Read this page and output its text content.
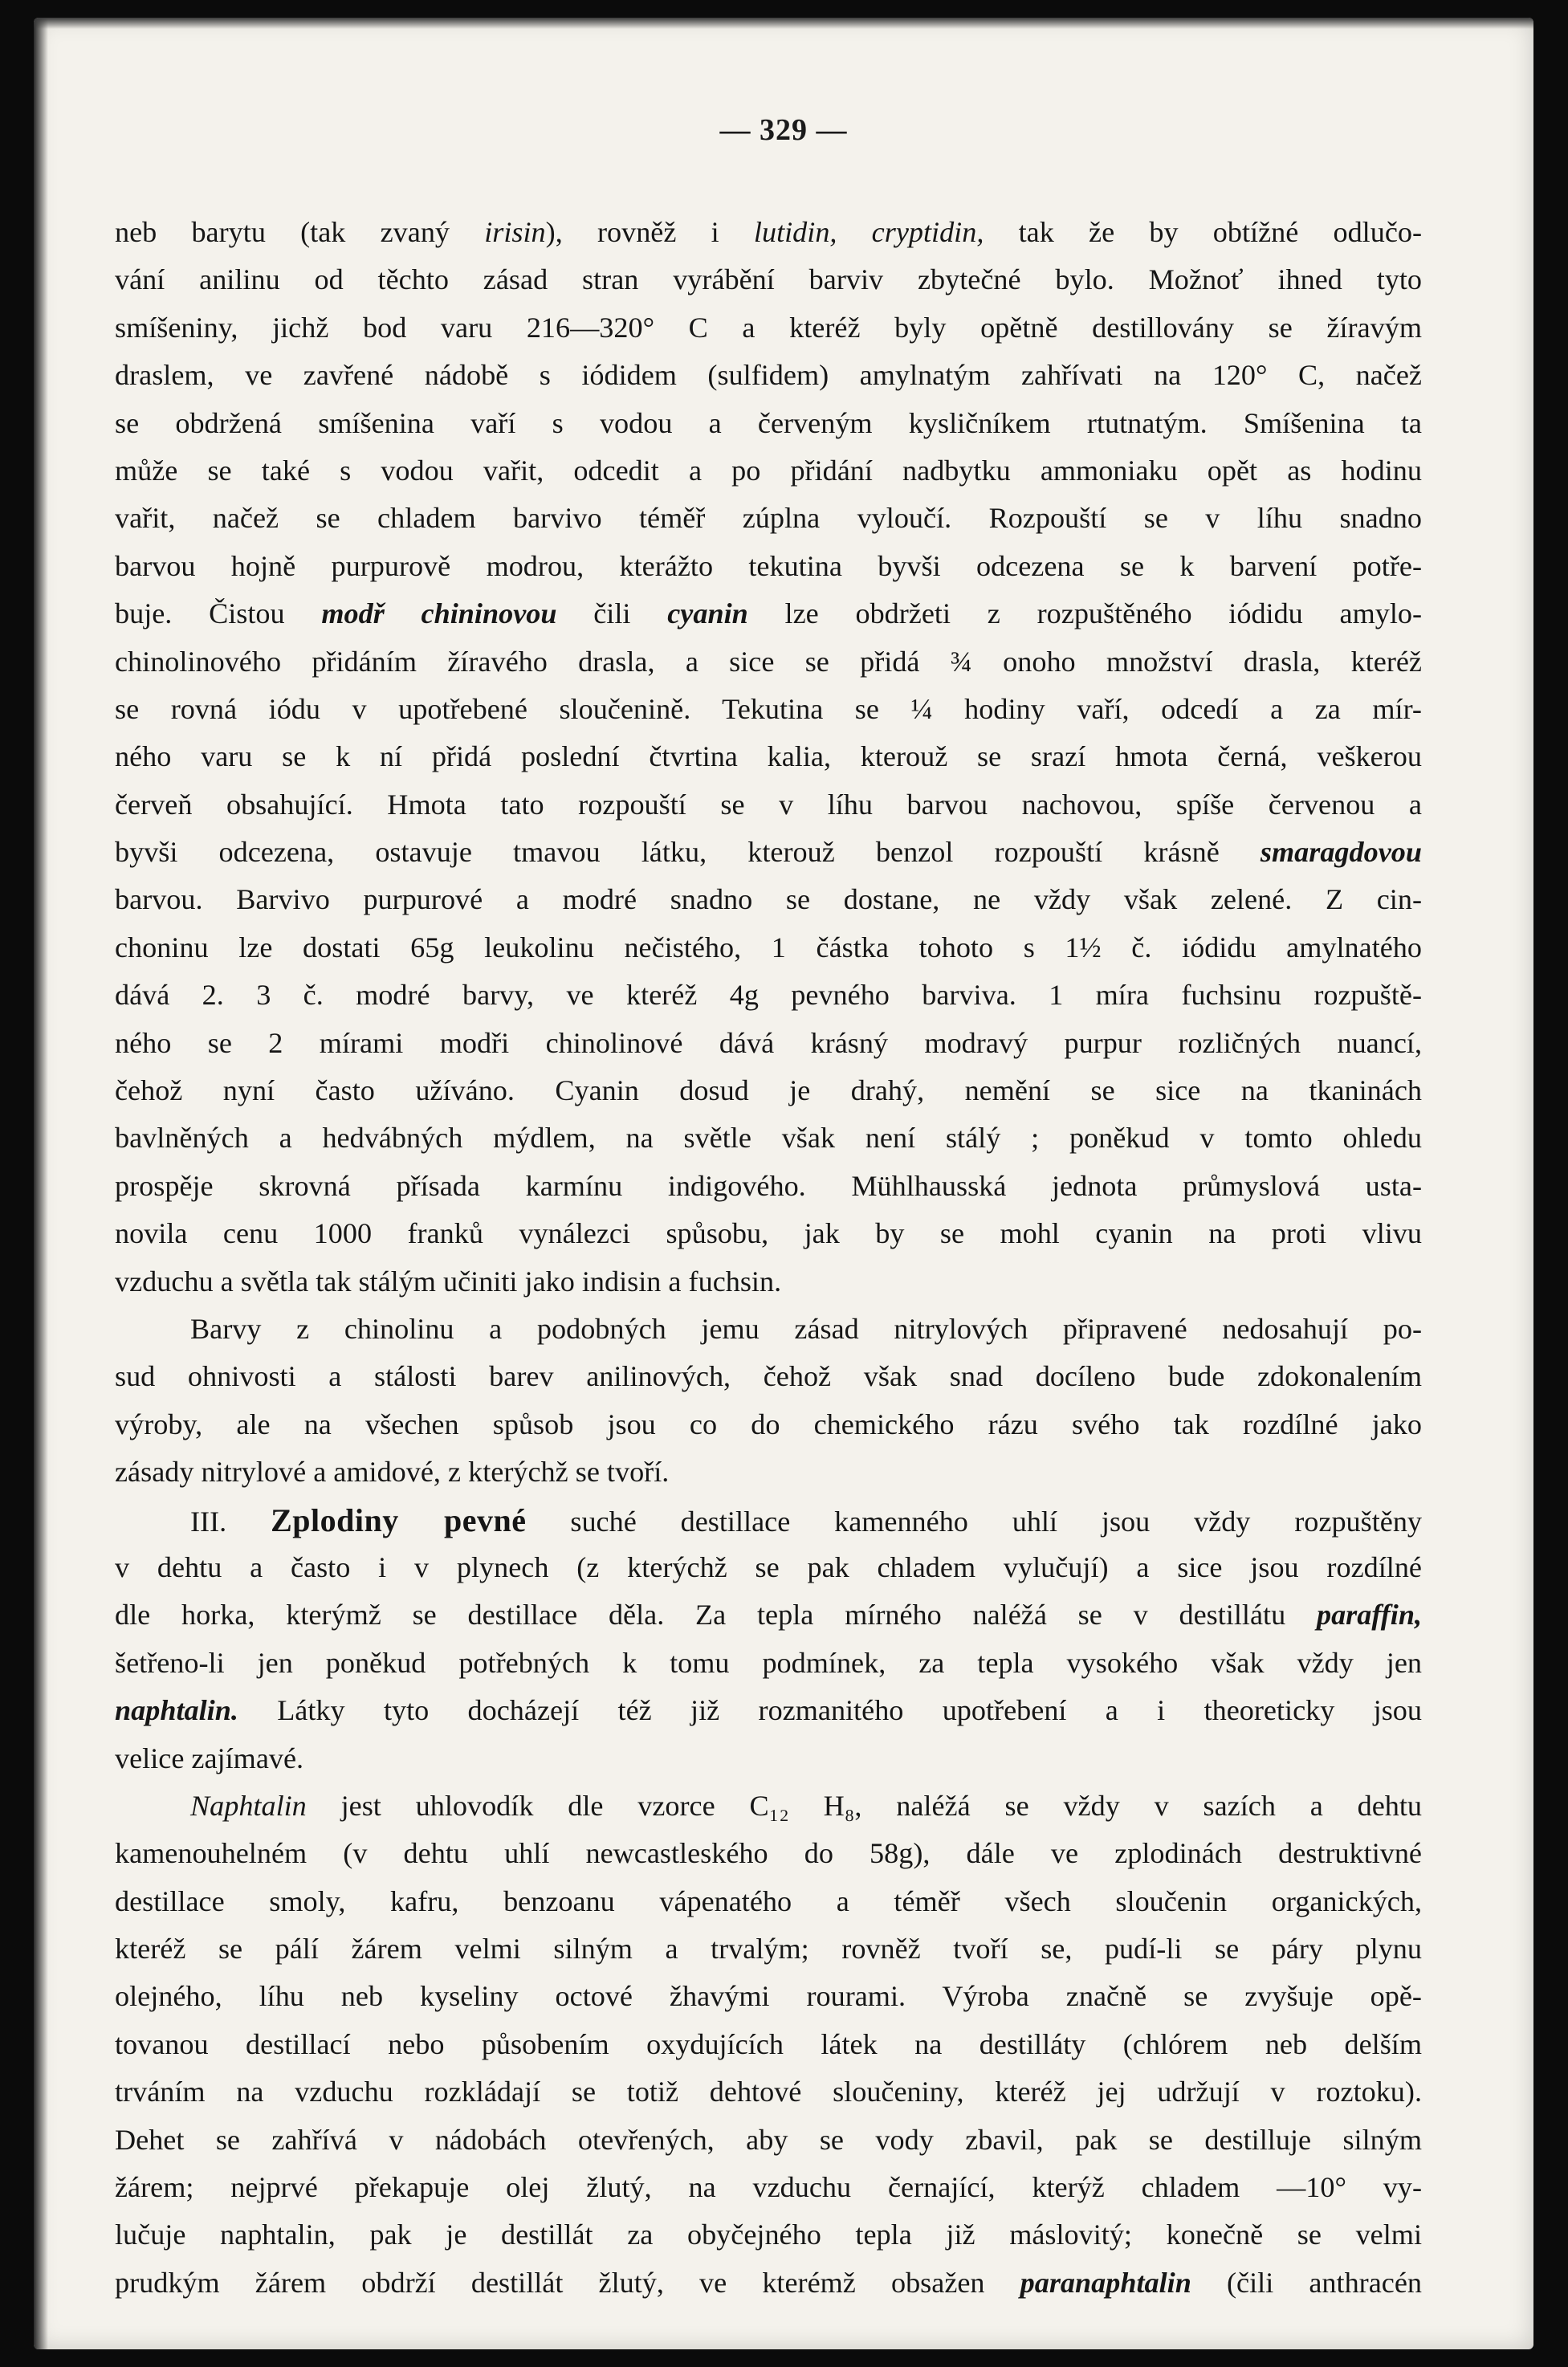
— 329 —
neb barytu (tak zvaný irisin), rovněž i lutidin, cryptidin, tak že by obtížné odlučo-
vání anilinu od těchto zásad stran vyrábění barviv zbytečné bylo. Možnoť ihned tyto
smíšeniny, jichž bod varu 216—320° C a kteréž byly opětně destillovány se žíravým
draslem, ve zavřené nádobě s iódidem (sulfidem) amylnatým zahřívati na 120° C, načež
se obdržená smíšenina vaří s vodou a červeným kysličníkem rtutnatým. Smíšenina ta
může se také s vodou vařit, odcedit a po přidání nadbytku ammoniaku opět as hodinu
vařit, načež se chladem barvivo téměř zúplna vyloučí. Rozpouští se v líhu snadno
barvou hojně purpurově modrou, kterážto tekutina byvši odcezena se k barvení potře-
buje. Čistou modř chininovou čili cyanin lze obdržeti z rozpuštěného iódidu amylo-
chinolinového přidáním žíravého drasla, a sice se přidá ¾ onoho množství drasla, kteréž
se rovná iódu v upotřebené sloučenině. Tekutina se ¼ hodiny vaří, odcedí a za mír-
ného varu se k ní přidá poslední čtvrtina kalia, kterouž se srazí hmota černá, veškerou
červeň obsahující. Hmota tato rozpouští se v líhu barvou nachovou, spíše červenou a
byvši odcezena, ostavuje tmavou látku, kterouž benzol rozpouští krásně smaragdovou
barvou. Barvivo purpurové a modré snadno se dostane, ne vždy však zelené. Z cin-
choninu lze dostati 65g leukolinu nečistého, 1 částka tohoto s 1½ č. iódidu amylnatého
dává 2. 3 č. modré barvy, ve kteréž 4g pevného barviva. 1 míra fuchsinu rozpuště-
ného se 2 mírami modři chinolinové dává krásný modravý purpur rozličných nuancí,
čehož nyní často užíváno. Cyanin dosud je drahý, nemění se sice na tkaninách
bavlněných a hedvábných mýdlem, na světle však není stálý ; poněkud v tomto ohledu
prospěje skrovná přísada karmínu indigového. Mühlhausská jednota průmyslová usta-
novila cenu 1000 franků vynálezci spůsobu, jak by se mohl cyanin na proti vlivu
vzduchu a světla tak stálým učiniti jako indisin a fuchsin.
Barvy z chinolinu a podobných jemu zásad nitrylových připravené nedosahují po-
sud ohnivosti a stálosti barev anilinových, čehož však snad docíleno bude zdokonalením
výroby, ale na všechen spůsob jsou co do chemického rázu svého tak rozdílné jako
zásady nitrylové a amidové, z kterýchž se tvoří.
III. Zplodiny pevné suché destillace kamenného uhlí jsou vždy rozpuštěny
v dehtu a často i v plynech (z kterýchž se pak chladem vylučují) a sice jsou rozdílné
dle horka, kterýmž se destillace děla. Za tepla mírného naléžá se v destillátu paraffin,
šetřeno-li jen poněkud potřebných k tomu podmínek, za tepla vysokého však vždy jen
naphtalin. Látky tyto docházejí též již rozmanitého upotřebení a i theoreticky jsou
velice zajímavé.
Naphtalin jest uhlovodík dle vzorce C₁₂ H₈, naléžá se vždy v sazích a dehtu
kamenouhelném (v dehtu uhlí newcastleského do 58g), dále ve zplodinách destruktivné
destillace smoly, kafru, benzoanu vápenatého a téměř všech sloučenin organických,
kteréž se pálí žárem velmi silným a trvalým; rovněž tvoří se, pudí-li se páry plynu
olejného, líhu neb kyseliny octové žhavými rourami. Výroba značně se zvyšuje opě-
tovanou destillací nebo působením oxydujících látek na destilláty (chlórem neb delším
trváním na vzduchu rozkládají se totiž dehtové sloučeniny, kteréž jej udržují v roztoku).
Dehet se zahřívá v nádobách otevřených, aby se vody zbavil, pak se destilluje silným
žárem; nejprvé překapuje olej žlutý, na vzduchu černající, kterýž chladem —10° vy-
lučuje naphtalin, pak je destillát za obyčejného tepla již máslovitý; konečně se velmi
prudkým žárem obdrží destillát žlutý, ve kterémž obsažen paranaphtalin (čili anthracén
